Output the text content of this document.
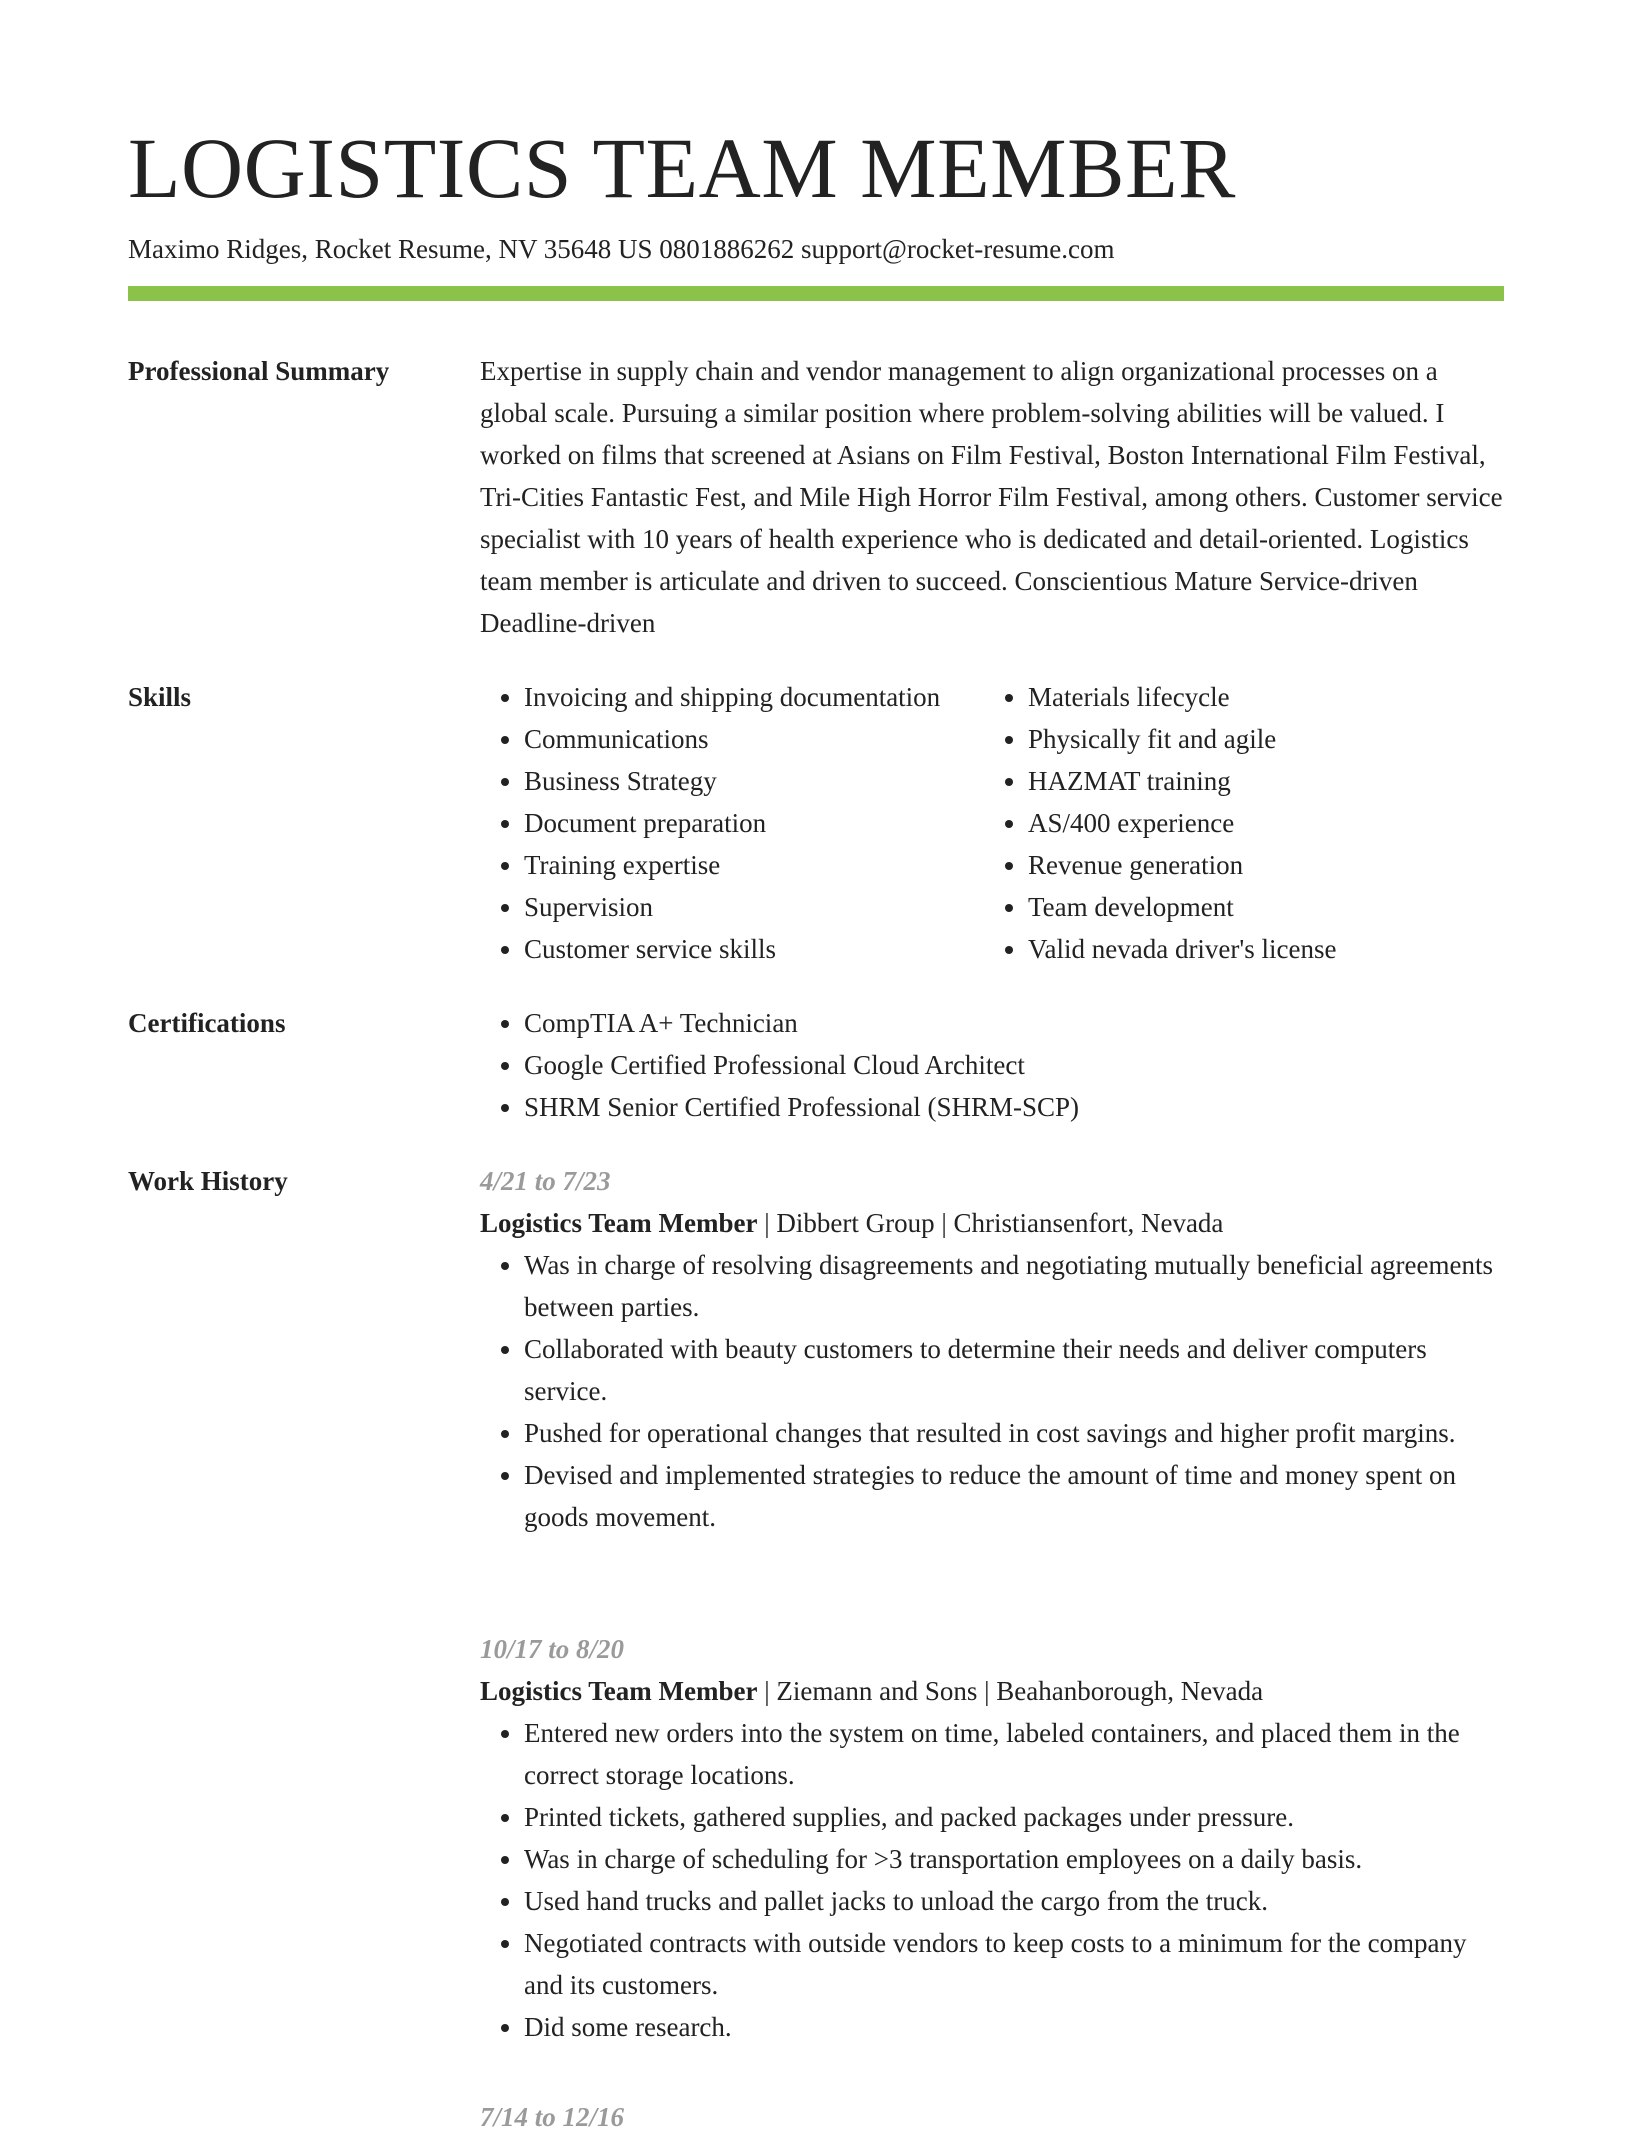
LOGISTICS TEAM MEMBER
Maximo Ridges, Rocket Resume, NV 35648 US 0801886262 support@rocket-resume.com
Professional Summary	Expertise in supply chain and vendor management to align organizational processes on a global scale. Pursuing a similar position where problem-solving abilities will be valued. I worked on films that screened at Asians on Film Festival, Boston International Film Festival, Tri-Cities Fantastic Fest, and Mile High Horror Film Festival, among others. Customer service specialist with 10 years of health experience who is dedicated and detail-oriented. Logistics team member is articulate and driven to succeed. Conscientious Mature Service-driven Deadline-driven

Skills	• Invoicing and shipping documentation
• Communications
• Business Strategy
• Document preparation
• Training expertise
• Supervision
• Customer service skills
• Materials lifecycle
• Physically fit and agile
• HAZMAT training
• AS/400 experience
• Revenue generation
• Team development
• Valid nevada driver's license
Certifications	• CompTIA A+ Technician
• Google Certified Professional Cloud Architect
• SHRM Senior Certified Professional (SHRM-SCP)
Work History	4/21 to 7/23
Logistics Team Member | Dibbert Group | Christiansenfort, Nevada
• Was in charge of resolving disagreements and negotiating mutually beneficial agreements between parties.
• Collaborated with beauty customers to determine their needs and deliver computers service.
• Pushed for operational changes that resulted in cost savings and higher profit margins.
• Devised and implemented strategies to reduce the amount of time and money spent on goods movement.
10/17 to 8/20
Logistics Team Member | Ziemann and Sons | Beahanborough, Nevada
• Entered new orders into the system on time, labeled containers, and placed them in the correct storage locations.
• Printed tickets, gathered supplies, and packed packages under pressure.
• Was in charge of scheduling for >3 transportation employees on a daily basis.
• Used hand trucks and pallet jacks to unload the cargo from the truck.
• Negotiated contracts with outside vendors to keep costs to a minimum for the company and its customers.
• Did some research.
7/14 to 12/16
